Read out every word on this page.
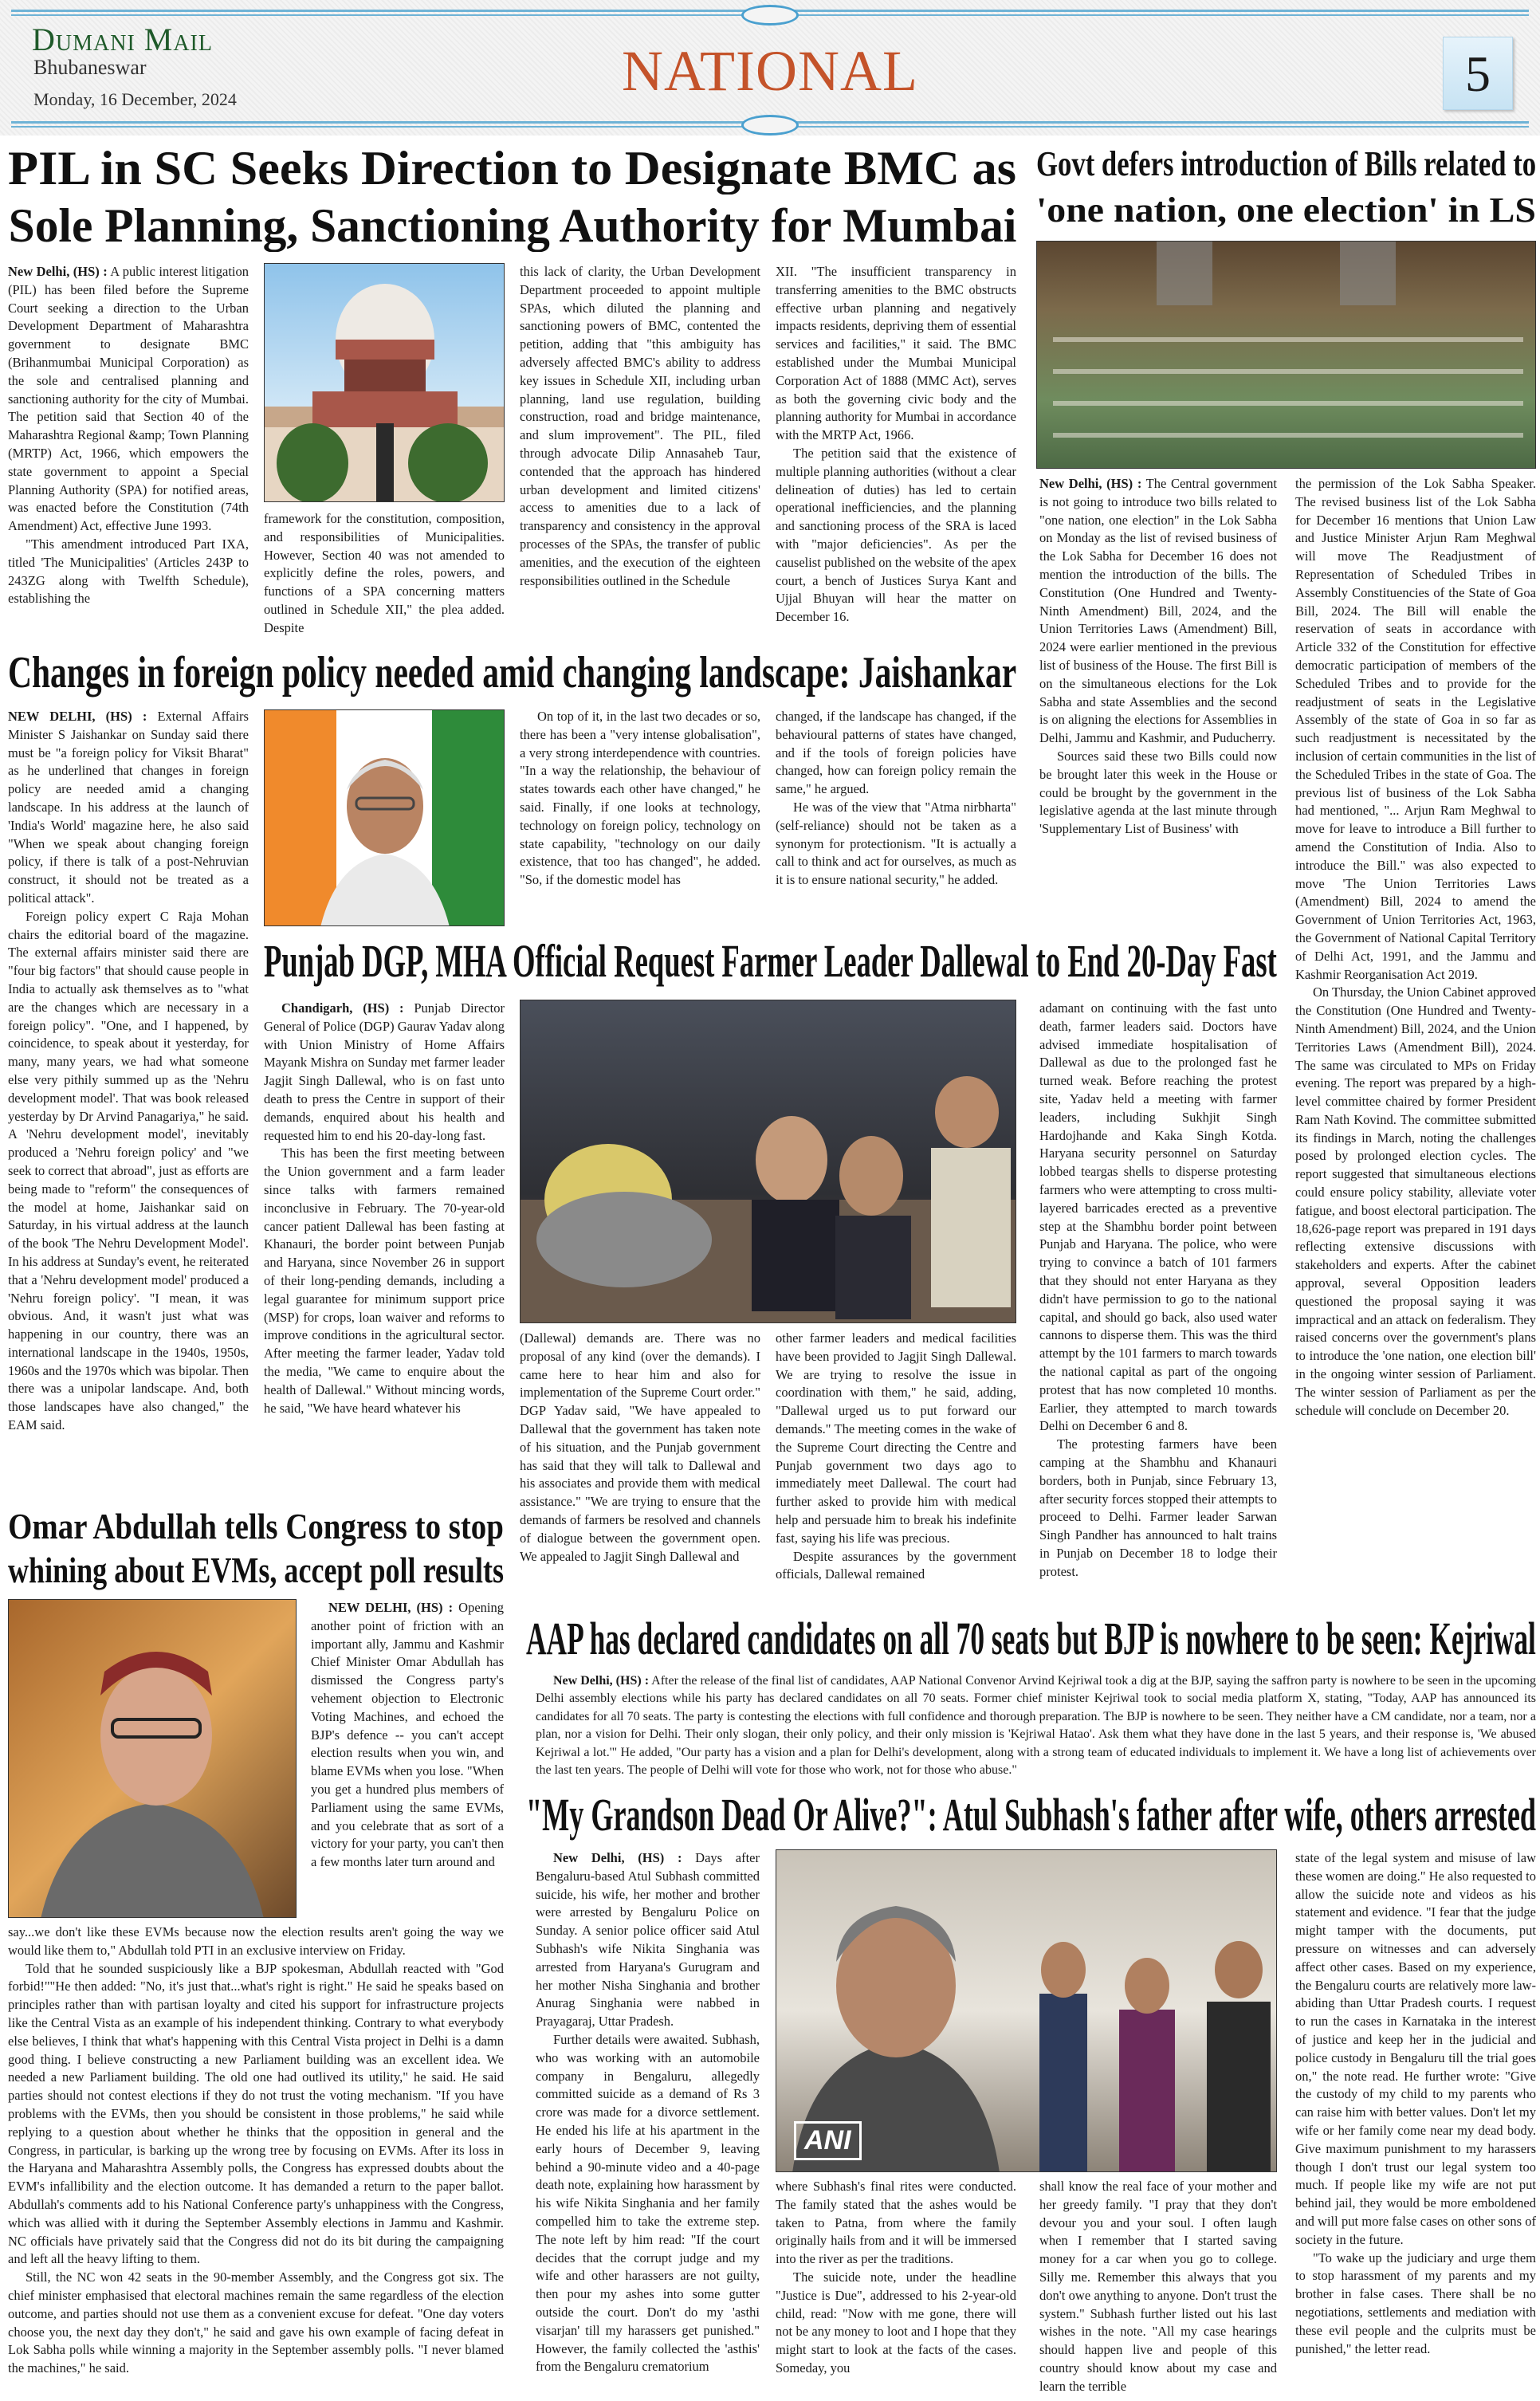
Dumani Mail
Bhubaneswar
Monday, 16 December, 2024	NATIONAL	5
PIL in SC Seeks Direction to Designate BMC as
Sole Planning, Sanctioning Authority for Mumbai

New Delhi, (HS) : A public interest litigation (PIL) has been filed before the Supreme Court seeking a direction to the Urban Development Department of Maharashtra government to designate BMC (Brihanmumbai Municipal Corporation) as the sole and centralised planning and sanctioning authority for the city of Mumbai. The petition said that Section 40 of the Maharashtra Regional &amp; Town Planning (MRTP) Act, 1966, which empowers the state government to appoint a Special Planning Authority (SPA) for notified areas, was enacted before the Constitution (74th Amendment) Act, effective June 1993.

"This amendment introduced Part IXA, titled 'The Municipalities' (Articles 243P to 243ZG along with Twelfth Schedule), establishing the

framework for the constitution, composition, and responsibilities of Municipalities. However, Section 40 was not amended to explicitly define the roles, powers, and functions of a SPA concerning matters outlined in Schedule XII," the plea added. Despite

this lack of clarity, the Urban Development Department proceeded to appoint multiple SPAs, which diluted the planning and sanctioning powers of BMC, contented the petition, adding that "this ambiguity has adversely affected BMC's ability to address key issues in Schedule XII, including urban planning, land use regulation, building construction, road and bridge maintenance, and slum improvement". The PIL, filed through advocate Dilip Annasaheb Taur, contended that the approach has hindered urban development and limited citizens' access to amenities due to a lack of transparency and consistency in the approval processes of the SPAs, the transfer of public amenities, and the execution of the eighteen responsibilities outlined in the Schedule

XII. "The insufficient transparency in transferring amenities to the BMC obstructs effective urban planning and negatively impacts residents, depriving them of essential services and facilities," it said. The BMC established under the Mumbai Municipal Corporation Act of 1888 (MMC Act), serves as both the governing civic body and the planning authority for Mumbai in accordance with the MRTP Act, 1966.

The petition said that the existence of multiple planning authorities (without a clear delineation of duties) has led to certain operational inefficiencies, and the planning and sanctioning process of the SRA is laced with "major deficiencies". As per the causelist published on the website of the apex court, a bench of Justices Surya Kant and Ujjal Bhuyan will hear the matter on December 16.

Govt defers introduction of Bills related to
'one nation, one election' in LS

New Delhi, (HS) : The Central government is not going to introduce two bills related to "one nation, one election" in the Lok Sabha on Monday as the list of revised business of the Lok Sabha for December 16 does not mention the introduction of the bills. The Constitution (One Hundred and Twenty-Ninth Amendment) Bill, 2024, and the Union Territories Laws (Amendment) Bill, 2024 were earlier mentioned in the previous list of business of the House. The first Bill is on the simultaneous elections for the Lok Sabha and state Assemblies and the second is on aligning the elections for Assemblies in Delhi, Jammu and Kashmir, and Puducherry.

Sources said these two Bills could now be brought later this week in the House or could be brought by the government in the legislative agenda at the last minute through 'Supplementary List of Business' with

the permission of the Lok Sabha Speaker. The revised business list of the Lok Sabha for December 16 mentions that Union Law and Justice Minister Arjun Ram Meghwal will move The Readjustment of Representation of Scheduled Tribes in Assembly Constituencies of the State of Goa Bill, 2024. The Bill will enable the reservation of seats in accordance with Article 332 of the Constitution for effective democratic participation of members of the Scheduled Tribes and to provide for the readjustment of seats in the Legislative Assembly of the state of Goa in so far as such readjustment is necessitated by the inclusion of certain communities in the list of the Scheduled Tribes in the state of Goa. The previous list of business of the Lok Sabha had mentioned, "... Arjun Ram Meghwal to move for leave to introduce a Bill further to amend the Constitution of India. Also to introduce the Bill." was also expected to move 'The Union Territories Laws (Amendment) Bill, 2024 to amend the Government of Union Territories Act, 1963, the Government of National Capital Territory of Delhi Act, 1991, and the Jammu and Kashmir Reorganisation Act 2019.

On Thursday, the Union Cabinet approved the Constitution (One Hundred and Twenty-Ninth Amendment) Bill, 2024, and the Union Territories Laws (Amendment Bill), 2024. The same was circulated to MPs on Friday evening. The report was prepared by a high-level committee chaired by former President Ram Nath Kovind. The committee submitted its findings in March, noting the challenges posed by prolonged election cycles. The report suggested that simultaneous elections could ensure policy stability, alleviate voter fatigue, and boost electoral participation. The 18,626-page report was prepared in 191 days reflecting extensive discussions with stakeholders and experts. After the cabinet approval, several Opposition leaders questioned the proposal saying it was impractical and an attack on federalism. They raised concerns over the government's plans to introduce the 'one nation, one election bill' in the ongoing winter session of Parliament. The winter session of Parliament as per the schedule will conclude on December 20.

Changes in foreign policy needed amid changing landscape: Jaishankar

NEW DELHI, (HS) : External Affairs Minister S Jaishankar on Sunday said there must be "a foreign policy for Viksit Bharat" as he underlined that changes in foreign policy are needed amid a changing landscape. In his address at the launch of 'India's World' magazine here, he also said "When we speak about changing foreign policy, if there is talk of a post-Nehruvian construct, it should not be treated as a political attack".

Foreign policy expert C Raja Mohan chairs the editorial board of the magazine. The external affairs minister said there are "four big factors" that should cause people in India to actually ask themselves as to "what are the changes which are necessary in a foreign policy". "One, and I happened, by coincidence, to speak about it yesterday, for many, many years, we had what someone else very pithily summed up as the 'Nehru development model'. That was book released yesterday by Dr Arvind Panagariya," he said. A 'Nehru development model', inevitably produced a 'Nehru foreign policy' and "we seek to correct that abroad", just as efforts are being made to "reform" the consequences of the model at home, Jaishankar said on Saturday, in his virtual address at the launch of the book 'The Nehru Development Model'. In his address at Sunday's event, he reiterated that a 'Nehru development model' produced a 'Nehru foreign policy'. "I mean, it was obvious. And, it wasn't just what was happening in our country, there was an international landscape in the 1940s, 1950s, 1960s and the 1970s which was bipolar. Then there was a unipolar landscape. And, both those landscapes have also changed," the EAM said.

On top of it, in the last two decades or so, there has been a "very intense globalisation", a very strong interdependence with countries. "In a way the relationship, the behaviour of states towards each other have changed," he said. Finally, if one looks at technology, technology on foreign policy, technology on state capability, "technology on our daily existence, that too has changed", he added. "So, if the domestic model has

changed, if the landscape has changed, if the behavioural patterns of states have changed, and if the tools of foreign policies have changed, how can foreign policy remain the same," he argued.

He was of the view that "Atma nirbharta" (self-reliance) should not be taken as a synonym for protectionism. "It is actually a call to think and act for ourselves, as much as it is to ensure national security," he added.

Punjab DGP, MHA Official Request Farmer Leader Dallewal to End 20-Day Fast

Chandigarh, (HS) : Punjab Director General of Police (DGP) Gaurav Yadav along with Union Ministry of Home Affairs Mayank Mishra on Sunday met farmer leader Jagjit Singh Dallewal, who is on fast unto death to press the Centre in support of their demands, enquired about his health and requested him to end his 20-day-long fast.

This has been the first meeting between the Union government and a farm leader since talks with farmers remained inconclusive in February. The 70-year-old cancer patient Dallewal has been fasting at Khanauri, the border point between Punjab and Haryana, since November 26 in support of their long-pending demands, including a legal guarantee for minimum support price (MSP) for crops, loan waiver and reforms to improve conditions in the agricultural sector. After meeting the farmer leader, Yadav told the media, "We came to enquire about the health of Dallewal." Without mincing words, he said, "We have heard whatever his

(Dallewal) demands are. There was no proposal of any kind (over the demands). I came here to hear him and also for implementation of the Supreme Court order." DGP Yadav said, "We have appealed to Dallewal that the government has taken note of his situation, and the Punjab government has said that they will talk to Dallewal and his associates and provide them with medical assistance." "We are trying to ensure that the demands of farmers be resolved and channels of dialogue between the government open. We appealed to Jagjit Singh Dallewal and

other farmer leaders and medical facilities have been provided to Jagjit Singh Dallewal. We are trying to resolve the issue in coordination with them," he said, adding, "Dallewal urged us to put forward our demands." The meeting comes in the wake of the Supreme Court directing the Centre and Punjab government two days ago to immediately meet Dallewal. The court had further asked to provide him with medical help and persuade him to break his indefinite fast, saying his life was precious.

Despite assurances by the government officials, Dallewal remained

adamant on continuing with the fast unto death, farmer leaders said. Doctors have advised immediate hospitalisation of Dallewal as due to the prolonged fast he turned weak. Before reaching the protest site, Yadav held a meeting with farmer leaders, including Sukhjit Singh Hardojhande and Kaka Singh Kotda. Haryana security personnel on Saturday lobbed teargas shells to disperse protesting farmers who were attempting to cross multi-layered barricades erected as a preventive step at the Shambhu border point between Punjab and Haryana. The police, who were trying to convince a batch of 101 farmers that they should not enter Haryana as they didn't have permission to go to the national capital, and should go back, also used water cannons to disperse them. This was the third attempt by the 101 farmers to march towards the national capital as part of the ongoing protest that has now completed 10 months. Earlier, they attempted to march towards Delhi on December 6 and 8.

The protesting farmers have been camping at the Shambhu and Khanauri borders, both in Punjab, since February 13, after security forces stopped their attempts to proceed to Delhi. Farmer leader Sarwan Singh Pandher has announced to halt trains in Punjab on December 18 to lodge their protest.

Omar Abdullah tells Congress to stop
whining about EVMs, accept poll results

NEW DELHI, (HS) : Opening another point of friction with an important ally, Jammu and Kashmir Chief Minister Omar Abdullah has dismissed the Congress party's vehement objection to Electronic Voting Machines, and echoed the BJP's defence -- you can't accept election results when you win, and blame EVMs when you lose. "When you get a hundred plus members of Parliament using the same EVMs, and you celebrate that as sort of a victory for your party, you can't then a few months later turn around and

say...we don't like these EVMs because now the election results aren't going the way we would like them to," Abdullah told PTI in an exclusive interview on Friday.

Told that he sounded suspiciously like a BJP spokesman, Abdullah reacted with "God forbid!""He then added: "No, it's just that...what's right is right." He said he speaks based on principles rather than with partisan loyalty and cited his support for infrastructure projects like the Central Vista as an example of his independent thinking. Contrary to what everybody else believes, I think that what's happening with this Central Vista project in Delhi is a damn good thing. I believe constructing a new Parliament building was an excellent idea. We needed a new Parliament building. The old one had outlived its utility," he said. He said parties should not contest elections if they do not trust the voting mechanism. "If you have problems with the EVMs, then you should be consistent in those problems," he said while replying to a question about whether he thinks that the opposition in general and the Congress, in particular, is barking up the wrong tree by focusing on EVMs. After its loss in the Haryana and Maharashtra Assembly polls, the Congress has expressed doubts about the EVM's infallibility and the election outcome. It has demanded a return to the paper ballot. Abdullah's comments add to his National Conference party's unhappiness with the Congress, which was allied with it during the September Assembly elections in Jammu and Kashmir. NC officials have privately said that the Congress did not do its bit during the campaigning and left all the heavy lifting to them.

Still, the NC won 42 seats in the 90-member Assembly, and the Congress got six. The chief minister emphasised that electoral machines remain the same regardless of the election outcome, and parties should not use them as a convenient excuse for defeat. "One day voters choose you, the next day they don't," he said and gave his own example of facing defeat in Lok Sabha polls while winning a majority in the September assembly polls. "I never blamed the machines," he said.

AAP has declared candidates on all 70 seats but BJP is nowhere to be seen: Kejriwal

New Delhi, (HS) : After the release of the final list of candidates, AAP National Convenor Arvind Kejriwal took a dig at the BJP, saying the saffron party is nowhere to be seen in the upcoming Delhi assembly elections while his party has declared candidates on all 70 seats. Former chief minister Kejriwal took to social media platform X, stating, "Today, AAP has announced its candidates for all 70 seats. The party is contesting the elections with full confidence and thorough preparation. The BJP is nowhere to be seen. They neither have a CM candidate, nor a team, nor a plan, nor a vision for Delhi. Their only slogan, their only policy, and their only mission is 'Kejriwal Hatao'. Ask them what they have done in the last 5 years, and their response is, 'We abused Kejriwal a lot.'" He added, "Our party has a vision and a plan for Delhi's development, along with a strong team of educated individuals to implement it. We have a long list of achievements over the last ten years. The people of Delhi will vote for those who work, not for those who abuse."

"My Grandson Dead Or Alive?": Atul Subhash's father after wife, others arrested

New Delhi, (HS) : Days after Bengaluru-based Atul Subhash committed suicide, his wife, her mother and brother were arrested by Bengaluru Police on Sunday. A senior police officer said Atul Subhash's wife Nikita Singhania was arrested from Haryana's Gurugram and her mother Nisha Singhania and brother Anurag Singhania were nabbed in Prayagaraj, Uttar Pradesh.

Further details were awaited. Subhash, who was working with an automobile company in Bengaluru, allegedly committed suicide as a demand of Rs 3 crore was made for a divorce settlement. He ended his life at his apartment in the early hours of December 9, leaving behind a 90-minute video and a 40-page death note, explaining how harassment by his wife Nikita Singhania and her family compelled him to take the extreme step. The note left by him read: "If the court decides that the corrupt judge and my wife and other harassers are not guilty, then pour my ashes into some gutter outside the court. Don't do my 'asthi visarjan' till my harassers get punished." However, the family collected the 'asthis' from the Bengaluru crematorium

ANI

where Subhash's final rites were conducted. The family stated that the ashes would be taken to Patna, from where the family originally hails from and it will be immersed into the river as per the traditions.

The suicide note, under the headline "Justice is Due", addressed to his 2-year-old child, read: "Now with me gone, there will not be any money to loot and I hope that they might start to look at the facts of the cases. Someday, you

shall know the real face of your mother and her greedy family. "I pray that they don't devour you and your soul. I often laugh when I remember that I started saving money for a car when you go to college. Silly me. Remember this always that you don't owe anything to anyone. Don't trust the system." Subhash further listed out his last wishes in the note. "All my case hearings should happen live and people of this country should know about my case and learn the terrible

state of the legal system and misuse of law these women are doing." He also requested to allow the suicide note and videos as his statement and evidence. "I fear that the judge might tamper with the documents, put pressure on witnesses and can adversely affect other cases. Based on my experience, the Bengaluru courts are relatively more law-abiding than Uttar Pradesh courts. I request to run the cases in Karnataka in the interest of justice and keep her in the judicial and police custody in Bengaluru till the trial goes on," the note read. He further wrote: "Give the custody of my child to my parents who can raise him with better values. Don't let my wife or her family come near my dead body. Give maximum punishment to my harassers though I don't trust our legal system too much. If people like my wife are not put behind jail, they would be more emboldened and will put more false cases on other sons of society in the future.

"To wake up the judiciary and urge them to stop harassment of my parents and my brother in false cases. There shall be no negotiations, settlements and mediation with these evil people and the culprits must be punished," the letter read.
